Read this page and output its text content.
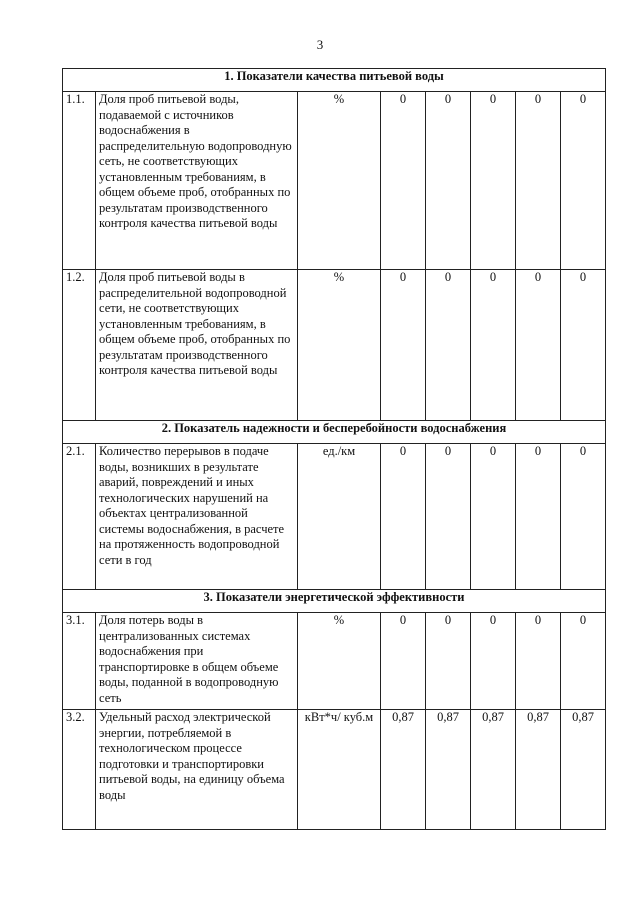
3
1. Показатели качества питьевой воды							
1.1.	Доля проб питьевой воды, подаваемой с источников водоснабжения в распределительную водопроводную сеть, не соответствующих установленным требованиям, в общем объеме проб, отобранных по результатам производственного контроля качества питьевой воды	%	0	0	0	0	0
1.2.	Доля проб питьевой воды в распределительной водопроводной сети, не соответствующих установленным требованиям, в общем объеме проб, отобранных по результатам производственного контроля качества питьевой воды	%	0	0	0	0	0
2. Показатель надежности и бесперебойности водоснабжения							
2.1.	Количество перерывов в подаче воды, возникших в результате аварий, повреждений и иных технологических нарушений на объектах централизованной системы водоснабжения, в расчете на протяженность водопроводной сети в год	ед./км	0	0	0	0	0
3. Показатели энергетической эффективности							
3.1.	Доля потерь воды в централизованных системах водоснабжения при транспортировке в общем объеме воды, поданной в водопроводную сеть	%	0	0	0	0	0
3.2.	Удельный расход электрической энергии, потребляемой в технологическом процессе подготовки и транспортировки питьевой воды, на единицу объема воды	кВт*ч/ куб.м	0,87	0,87	0,87	0,87	0,87
